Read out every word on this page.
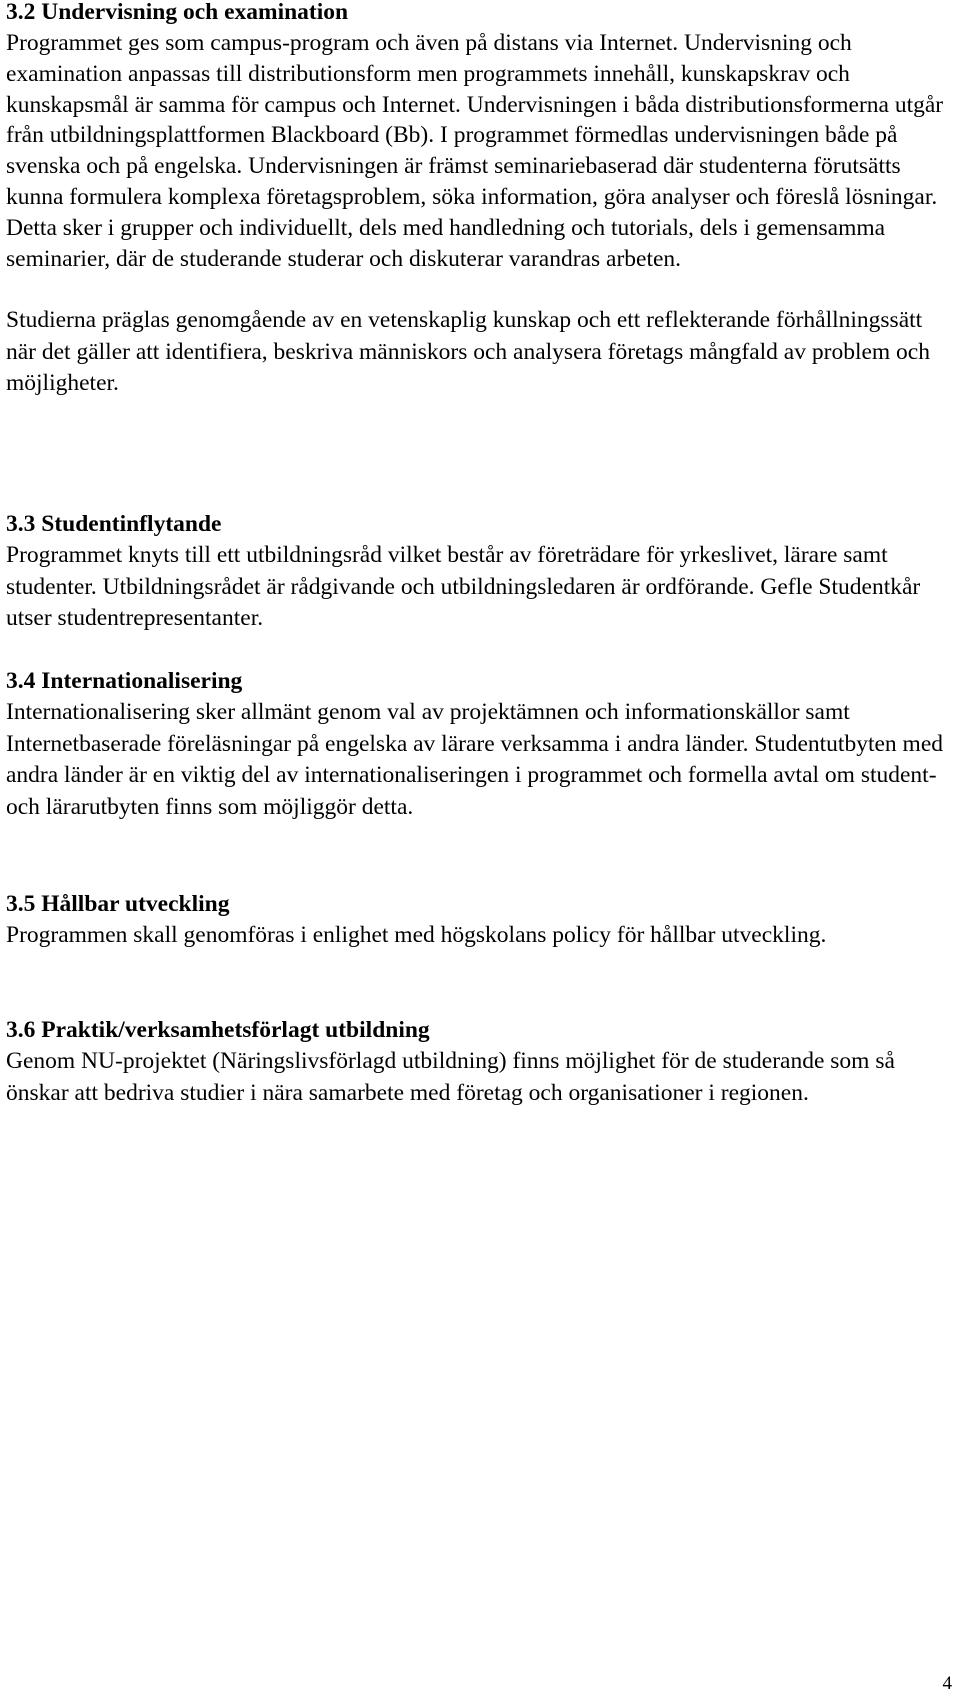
3.2 Undervisning och examination

Programmet ges som campus-program och även på distans via Internet. Undervisning och examination anpassas till distributionsform men programmets innehåll, kunskapskrav och kunskapsmål är samma för campus och Internet. Undervisningen i båda distributionsformerna utgår från utbildningsplattformen Blackboard (Bb). I programmet förmedlas undervisningen både på svenska och på engelska. Undervisningen är främst seminariebaserad där studenterna förutsätts kunna formulera komplexa företagsproblem, söka information, göra analyser och föreslå lösningar. Detta sker i grupper och individuellt, dels med handledning och tutorials, dels i gemensamma seminarier, där de studerande studerar och diskuterar varandras arbeten.

Studierna präglas genomgående av en vetenskaplig kunskap och ett reflekterande förhållningssätt när det gäller att identifiera, beskriva människors och analysera företags mångfald av problem och möjligheter.

3.3 Studentinflytande

Programmet knyts till ett utbildningsråd vilket består av företrädare för yrkeslivet, lärare samt studenter. Utbildningsrådet är rådgivande och utbildningsledaren är ordförande. Gefle Studentkår utser studentrepresentanter.

3.4 Internationalisering

Internationalisering sker allmänt genom val av projektämnen och informationskällor samt Internetbaserade föreläsningar på engelska av lärare verksamma i andra länder. Studentutbyten med andra länder är en viktig del av internationaliseringen i programmet och formella avtal om student- och lärarutbyten finns som möjliggör detta.

3.5 Hållbar utveckling

Programmen skall genomföras i enlighet med högskolans policy för hållbar utveckling.

3.6 Praktik/verksamhetsförlagt utbildning

Genom NU-projektet (Näringslivsförlagd utbildning) finns möjlighet för de studerande som så önskar att bedriva studier i nära samarbete med företag och organisationer i regionen.

4
